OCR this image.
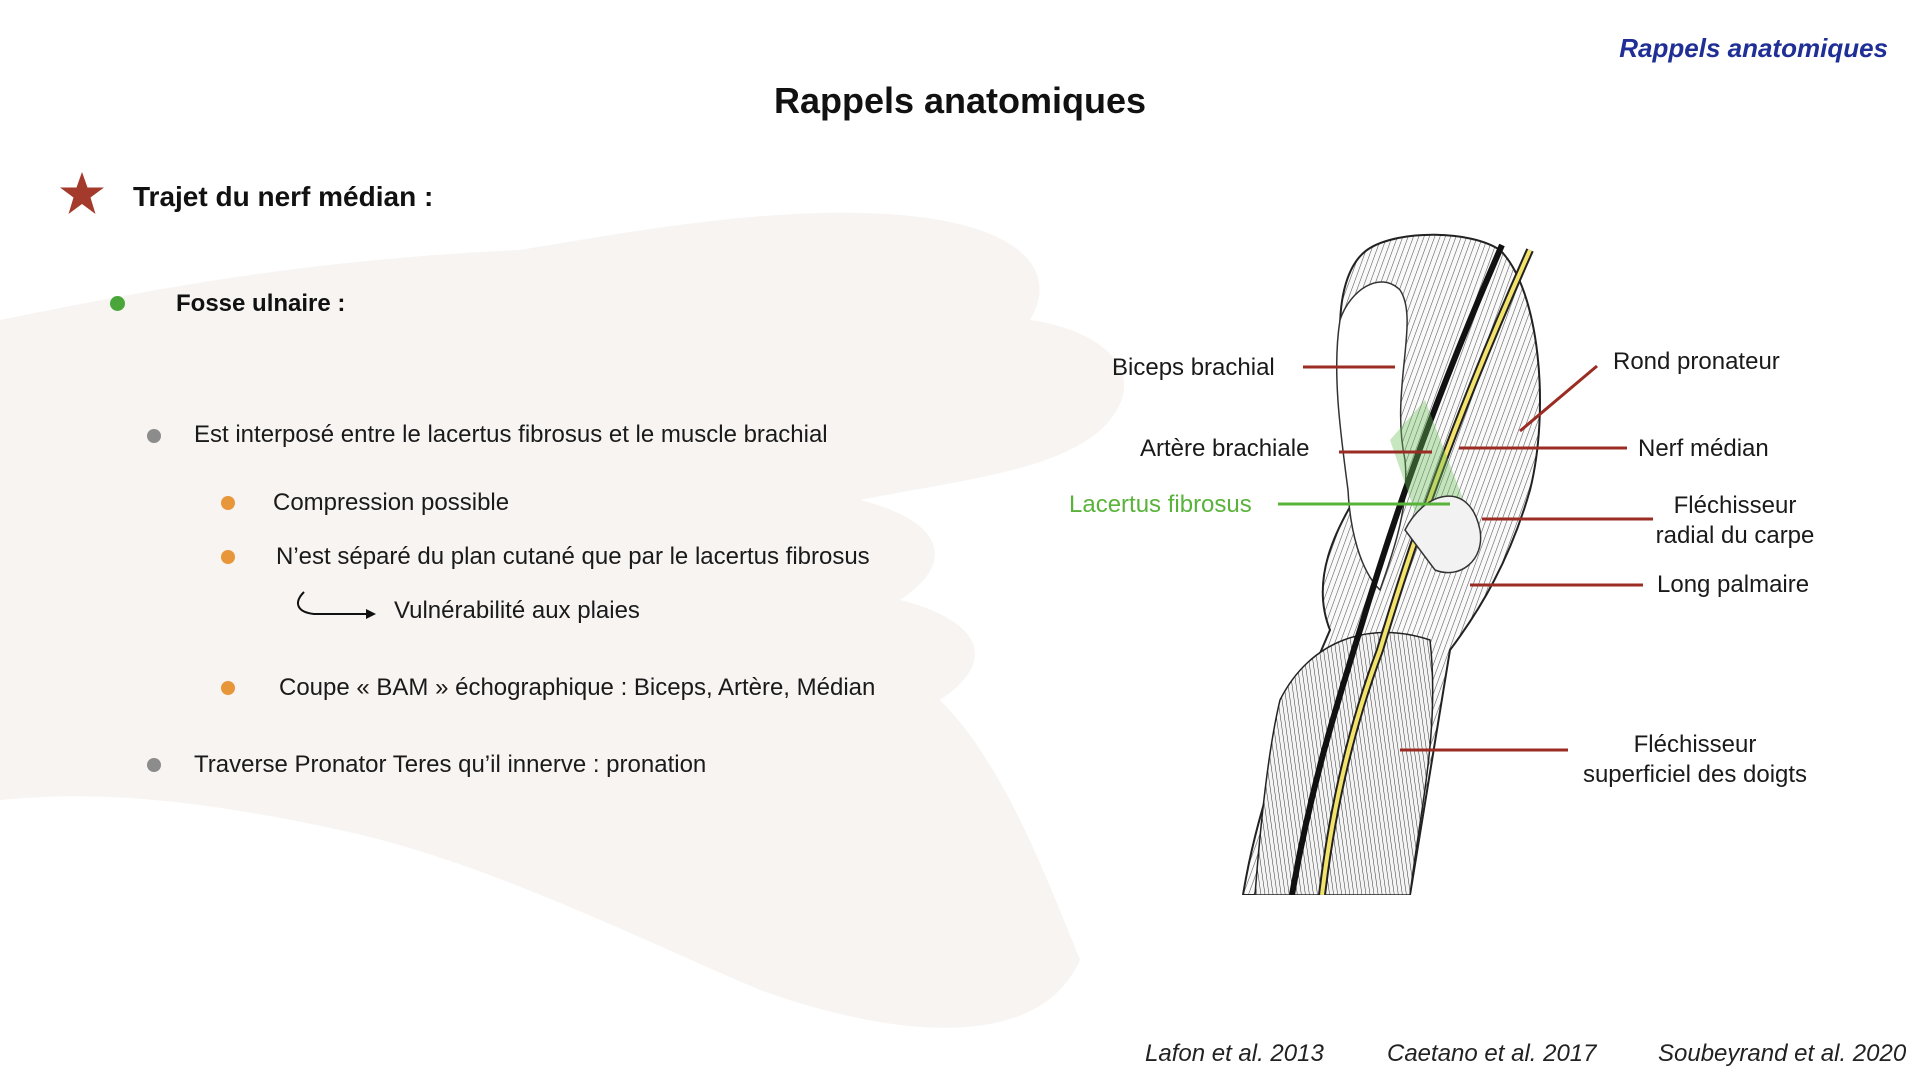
Rappels anatomiques
Rappels anatomiques
Trajet du nerf médian :
Fosse ulnaire :
Est interposé entre le lacertus fibrosus et le muscle brachial
Compression possible
N’est séparé du plan cutané que par le lacertus fibrosus
Vulnérabilité aux plaies
Coupe « BAM » échographique : Biceps, Artère, Médian
Traverse Pronator Teres qu’il innerve : pronation
Biceps brachial
Artère brachiale
Lacertus fibrosus
Rond pronateur
Nerf médian
Fléchisseur
radial du carpe
Long palmaire
Fléchisseur
superficiel des doigts
Lafon et al. 2013	Caetano et al. 2017	Soubeyrand et al. 2020
